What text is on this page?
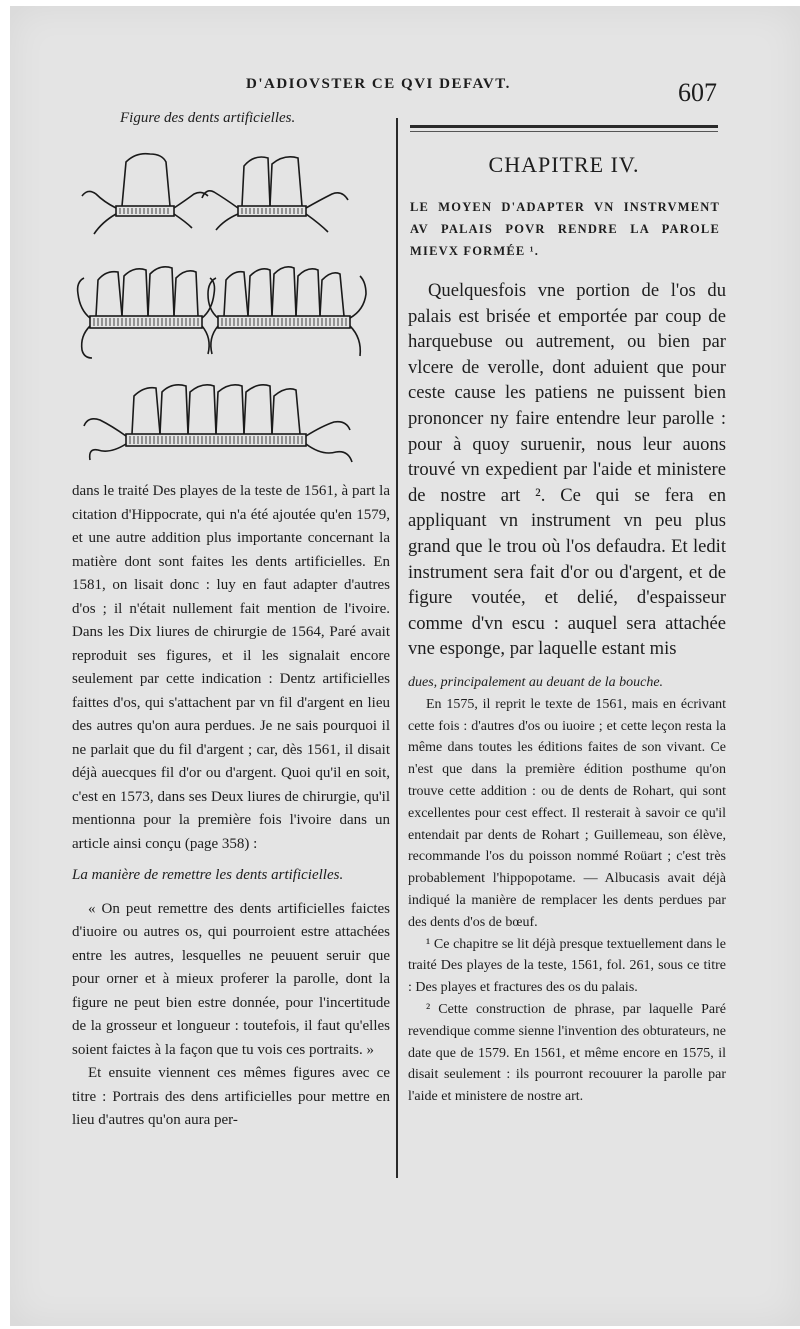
D'ADIOVSTER CE QVI DEFAVT.	607
Figure des dents artificielles.

dans le traité Des playes de la teste de 1561, à part la citation d'Hippocrate, qui n'a été ajoutée qu'en 1579, et une autre addition plus importante concernant la matière dont sont faites les dents artificielles. En 1581, on lisait donc : luy en faut adapter d'autres d'os ; il n'était nullement fait mention de l'ivoire. Dans les Dix liures de chirurgie de 1564, Paré avait reproduit ses figures, et il les signalait encore seulement par cette indication : Dentz artificielles faittes d'os, qui s'attachent par vn fil d'argent en lieu des autres qu'on aura perdues. Je ne sais pourquoi il ne parlait que du fil d'argent ; car, dès 1561, il disait déjà auecques fil d'or ou d'argent. Quoi qu'il en soit, c'est en 1573, dans ses Deux liures de chirurgie, qu'il mentionna pour la première fois l'ivoire dans un article ainsi conçu (page 358) :

La manière de remettre les dents artificielles.

« On peut remettre des dents artificielles faictes d'iuoire ou autres os, qui pourroient estre attachées entre les autres, lesquelles ne peuuent seruir que pour orner et à mieux proferer la parolle, dont la figure ne peut bien estre donnée, pour l'incertitude de la grosseur et longueur : toutefois, il faut qu'elles soient faictes à la façon que tu vois ces portraits. »

Et ensuite viennent ces mêmes figures avec ce titre : Portrais des dens artificielles pour mettre en lieu d'autres qu'on aura per-

CHAPITRE IV.
LE MOYEN D'ADAPTER VN INSTRVMENT AV PALAIS POVR RENDRE LA PAROLE MIEVX FORMÉE ¹.

Quelquesfois vne portion de l'os du palais est brisée et emportée par coup de harquebuse ou autrement, ou bien par vlcere de verolle, dont aduient que pour ceste cause les patiens ne puissent bien prononcer ny faire entendre leur parolle : pour à quoy suruenir, nous leur auons trouvé vn expedient par l'aide et ministere de nostre art ². Ce qui se fera en appliquant vn instrument vn peu plus grand que le trou où l'os defaudra. Et ledit instrument sera fait d'or ou d'argent, et de figure voutée, et delié, d'espaisseur comme d'vn escu : auquel sera attachée vne esponge, par laquelle estant mis

dues, principalement au deuant de la bouche.

En 1575, il reprit le texte de 1561, mais en écrivant cette fois : d'autres d'os ou iuoire ; et cette leçon resta la même dans toutes les éditions faites de son vivant. Ce n'est que dans la première édition posthume qu'on trouve cette addition : ou de dents de Rohart, qui sont excellentes pour cest effect. Il resterait à savoir ce qu'il entendait par dents de Rohart ; Guillemeau, son élève, recommande l'os du poisson nommé Roüart ; c'est très probablement l'hippopotame. — Albucasis avait déjà indiqué la manière de remplacer les dents perdues par des dents d'os de bœuf.

¹ Ce chapitre se lit déjà presque textuellement dans le traité Des playes de la teste, 1561, fol. 261, sous ce titre : Des playes et fractures des os du palais.

² Cette construction de phrase, par laquelle Paré revendique comme sienne l'invention des obturateurs, ne date que de 1579. En 1561, et même encore en 1575, il disait seulement : ils pourront recouurer la parolle par l'aide et ministere de nostre art.
